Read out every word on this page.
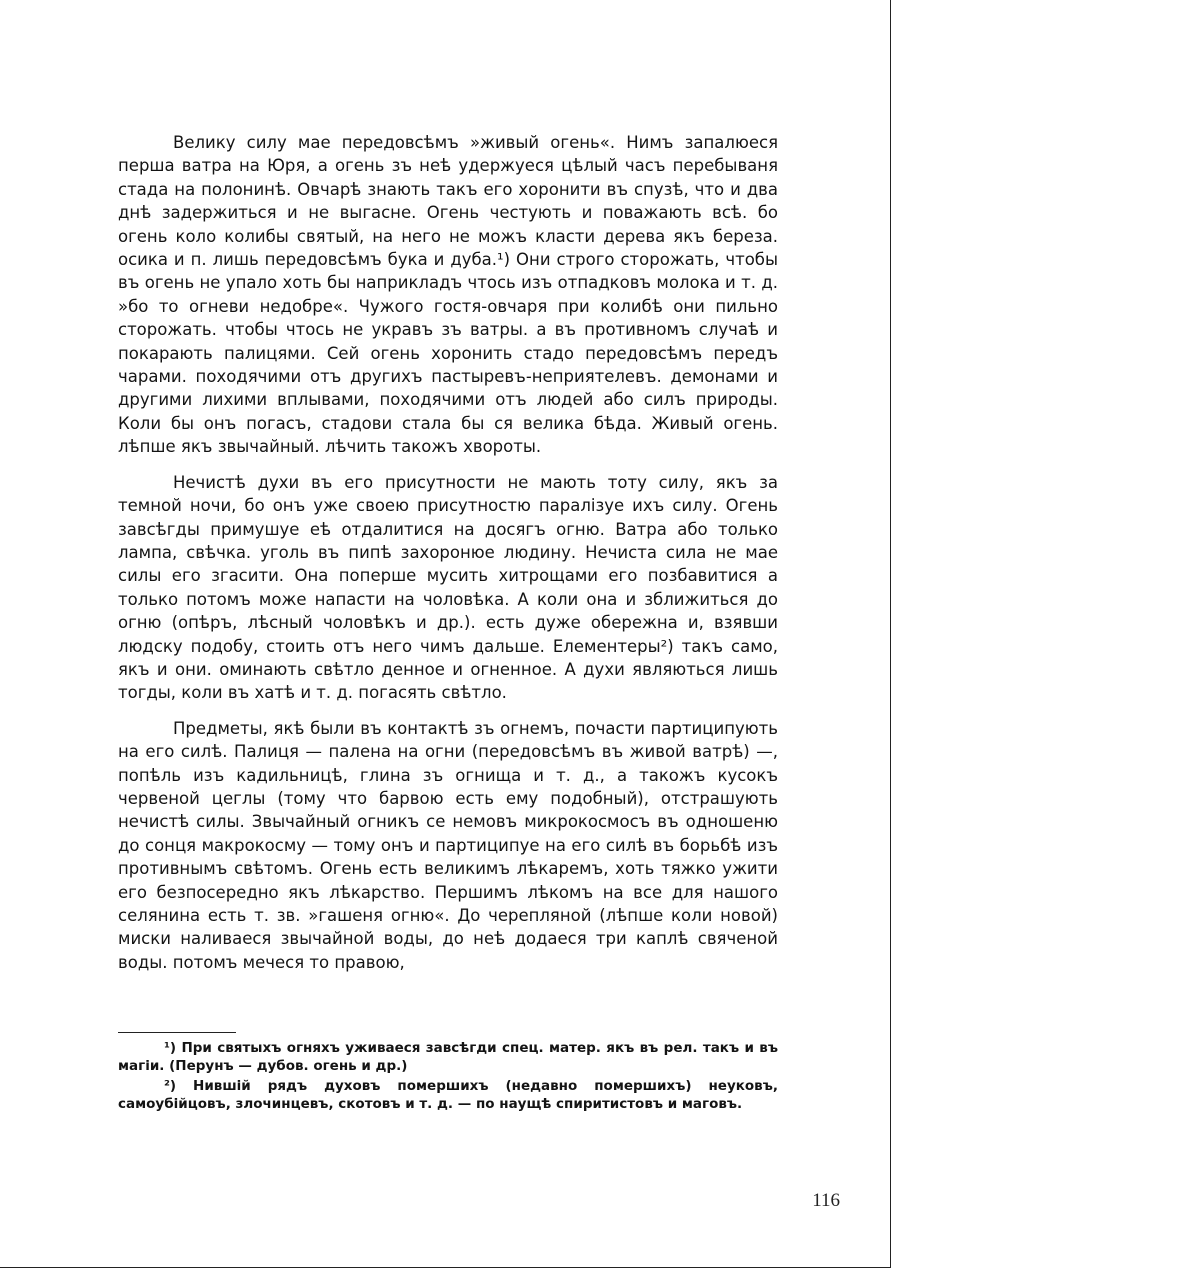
Велику силу мае передовсѣмъ »живый огень«. Нимъ запалюеся перша ватра на Юря, а огень зъ неѣ удержуеся цѣлый часъ перебываня стада на полонинѣ. Овчарѣ знають такъ его хоронити въ спузѣ, что и два днѣ задержиться и не выгасне. Огень честують и поважають всѣ. бо огень коло колибы святый, на него не можъ класти дерева якъ береза. осика и п. лишь передовсѣмъ бука и дуба.¹) Они строго сторожать, чтобы въ огень не упало хоть бы наприкладъ чтось изъ отпадковъ молока и т. д. »бо то огневи недобре«. Чужого гостя-овчаря при колибѣ они пильно сторожать. чтобы чтось не укравъ зъ ватры. а въ противномъ случаѣ и покарають палицями. Сей огень хоронить стадо передовсѣмъ передъ чарами. походячими отъ другихъ пастыревъ-неприятелевъ. демонами и другими лихими вплывами, походячими отъ людей або силъ природы. Коли бы онъ погасъ, стадови стала бы ся велика бѣда. Живый огень. лѣпше якъ звычайный. лѣчить такожъ хвороты.

Нечистѣ духи въ его присутности не мають тоту силу, якъ за темной ночи, бо онъ уже своею присутностю паралізуе ихъ силу. Огень завсѣгды примушуе еѣ отдалитися на досягъ огню. Ватра або только лампа, свѣчка. уголь въ пипѣ захоронюе людину. Нечиста сила не мае силы его згасити. Она поперше мусить хитрощами его позбавитися а только потомъ може напасти на чоловѣка. А коли она и зближиться до огню (опѣръ, лѣсный чоловѣкъ и др.). есть дуже обережна и, взявши людску подобу, стоить отъ него чимъ дальше. Елементеры²) такъ само, якъ и они. оминають свѣтло денное и огненное. А духи являються лишь тогды, коли въ хатѣ и т. д. погасять свѣтло.

Предметы, якѣ были въ контактѣ зъ огнемъ, почасти партиципують на его силѣ. Палиця — палена на огни (передовсѣмъ въ живой ватрѣ) —, попѣль изъ кадильницѣ, глина зъ огнища и т. д., а такожъ кусокъ червеной цеглы (тому что барвою есть ему подобный), отстрашують нечистѣ силы. Звычайный огникъ се немовъ микрокосмосъ въ одношеню до сонця макрокосму — тому онъ и партиципуе на его силѣ въ борьбѣ изъ противнымъ свѣтомъ. Огень есть великимъ лѣкаремъ, хоть тяжко ужити его безпосередно якъ лѣкарство. Першимъ лѣкомъ на все для нашого селянина есть т. зв. »гашеня огню«. До черепляной (лѣпше коли новой) миски наливаеся звычайной воды, до неѣ додаеся три каплѣ свяченой воды. потомъ мечеся то правою,

¹) При святыхъ огняхъ уживаеся завсѣгди спец. матер. якъ въ рел. такъ и въ магіи. (Перунъ — дубов. огень и др.)

²) Нившій рядъ духовъ помершихъ (недавно помершихъ) неуковъ, самоубійцовъ, злочинцевъ, скотовъ и т. д. — по наущѣ спиритистовъ и маговъ.

116
